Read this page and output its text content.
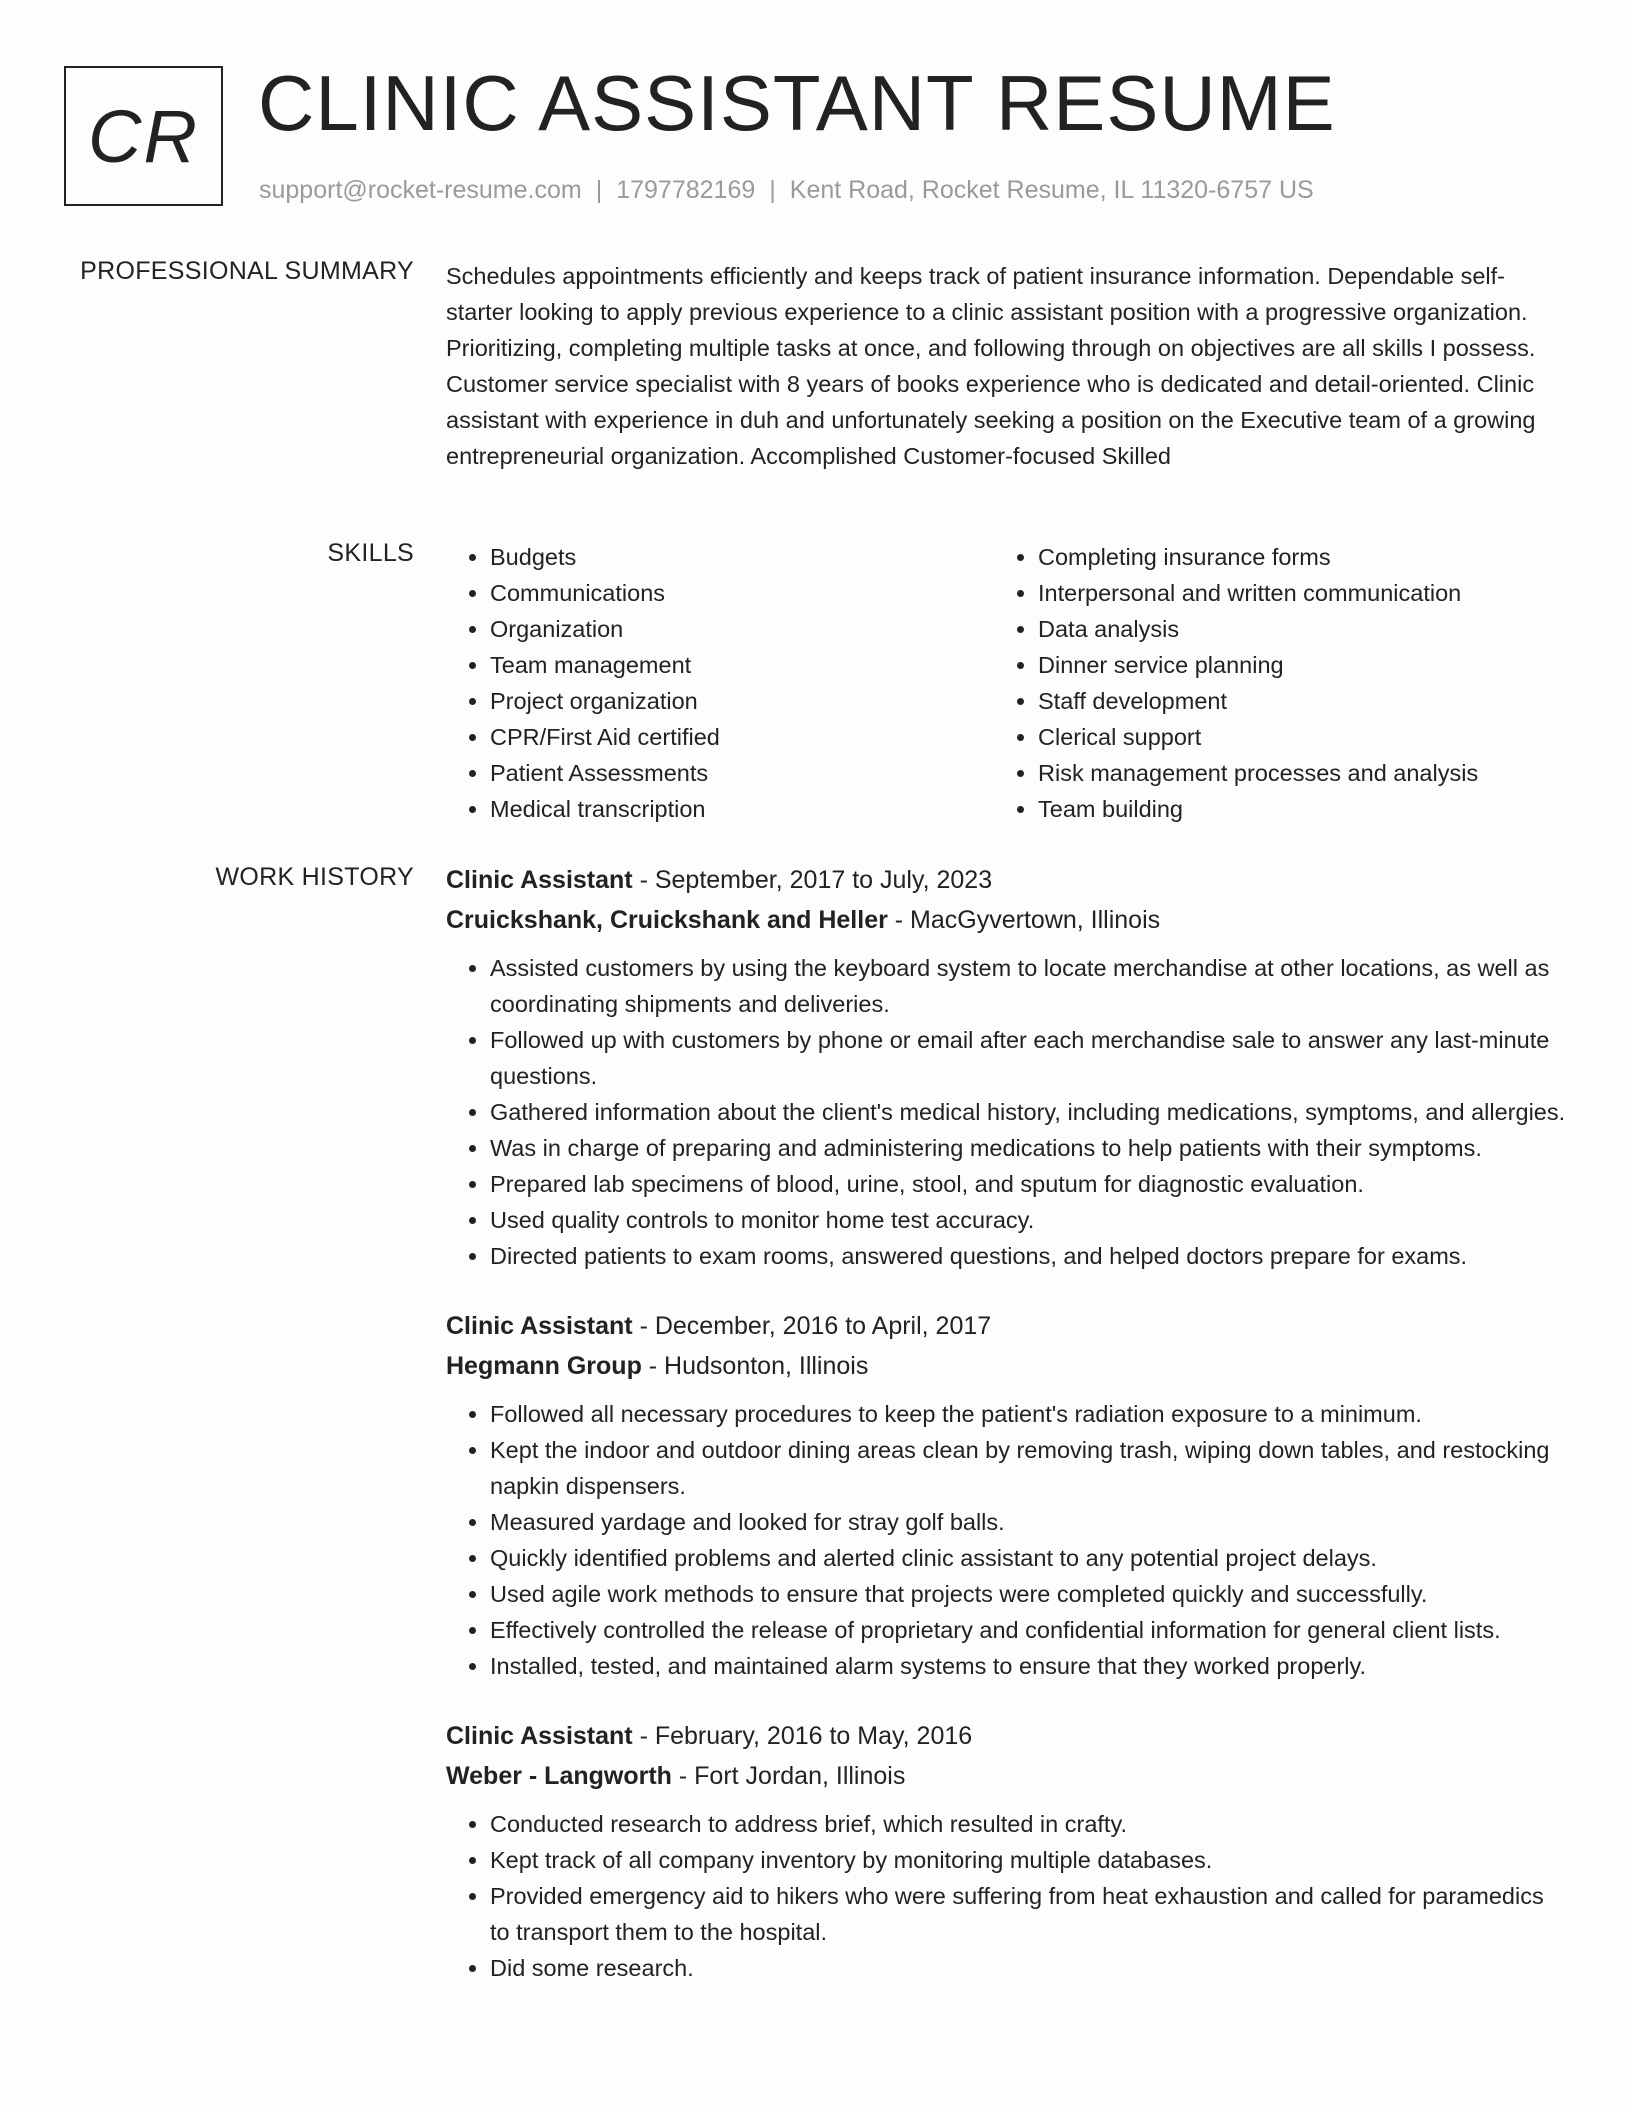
CR CLINIC ASSISTANT RESUME
support@rocket-resume.com | 1797782169 | Kent Road, Rocket Resume, IL 11320-6757 US
PROFESSIONAL SUMMARY Schedules appointments efficiently and keeps track of patient insurance information. Dependable self-starter looking to apply previous experience to a clinic assistant position with a progressive organization. Prioritizing, completing multiple tasks at once, and following through on objectives are all skills I possess. Customer service specialist with 8 years of books experience who is dedicated and detail-oriented. Clinic assistant with experience in duh and unfortunately seeking a position on the Executive team of a growing entrepreneurial organization. Accomplished Customer-focused Skilled

SKILLS
•	Budgets
• Communications
• Organization
• Team management
• Project organization
• CPR/First Aid certified
• Patient Assessments
• Medical transcription
• Completing insurance forms
• Interpersonal and written communication
• Data analysis
• Dinner service planning
• Staff development
• Clerical support
• Risk management processes and analysis
• Team building
WORK HISTORY Clinic Assistant - September, 2017 to July, 2023
Cruickshank, Cruickshank and Heller - MacGyvertown, Illinois
• Assisted customers by using the keyboard system to locate merchandise at other locations, as well as coordinating shipments and deliveries.
• Followed up with customers by phone or email after each merchandise sale to answer any last-minute questions.
• Gathered information about the client's medical history, including medications, symptoms, and allergies.
• Was in charge of preparing and administering medications to help patients with their symptoms.
• Prepared lab specimens of blood, urine, stool, and sputum for diagnostic evaluation.
• Used quality controls to monitor home test accuracy.
• Directed patients to exam rooms, answered questions, and helped doctors prepare for exams.
Clinic Assistant - December, 2016 to April, 2017
Hegmann Group - Hudsonton, Illinois
• Followed all necessary procedures to keep the patient's radiation exposure to a minimum.
• Kept the indoor and outdoor dining areas clean by removing trash, wiping down tables, and restocking napkin dispensers.
• Measured yardage and looked for stray golf balls.
• Quickly identified problems and alerted clinic assistant to any potential project delays.
• Used agile work methods to ensure that projects were completed quickly and successfully.
• Effectively controlled the release of proprietary and confidential information for general client lists.
• Installed, tested, and maintained alarm systems to ensure that they worked properly.
Clinic Assistant - February, 2016 to May, 2016
Weber - Langworth - Fort Jordan, Illinois
• Conducted research to address brief, which resulted in crafty.
• Kept track of all company inventory by monitoring multiple databases.
• Provided emergency aid to hikers who were suffering from heat exhaustion and called for paramedics to transport them to the hospital.
• Did some research.
